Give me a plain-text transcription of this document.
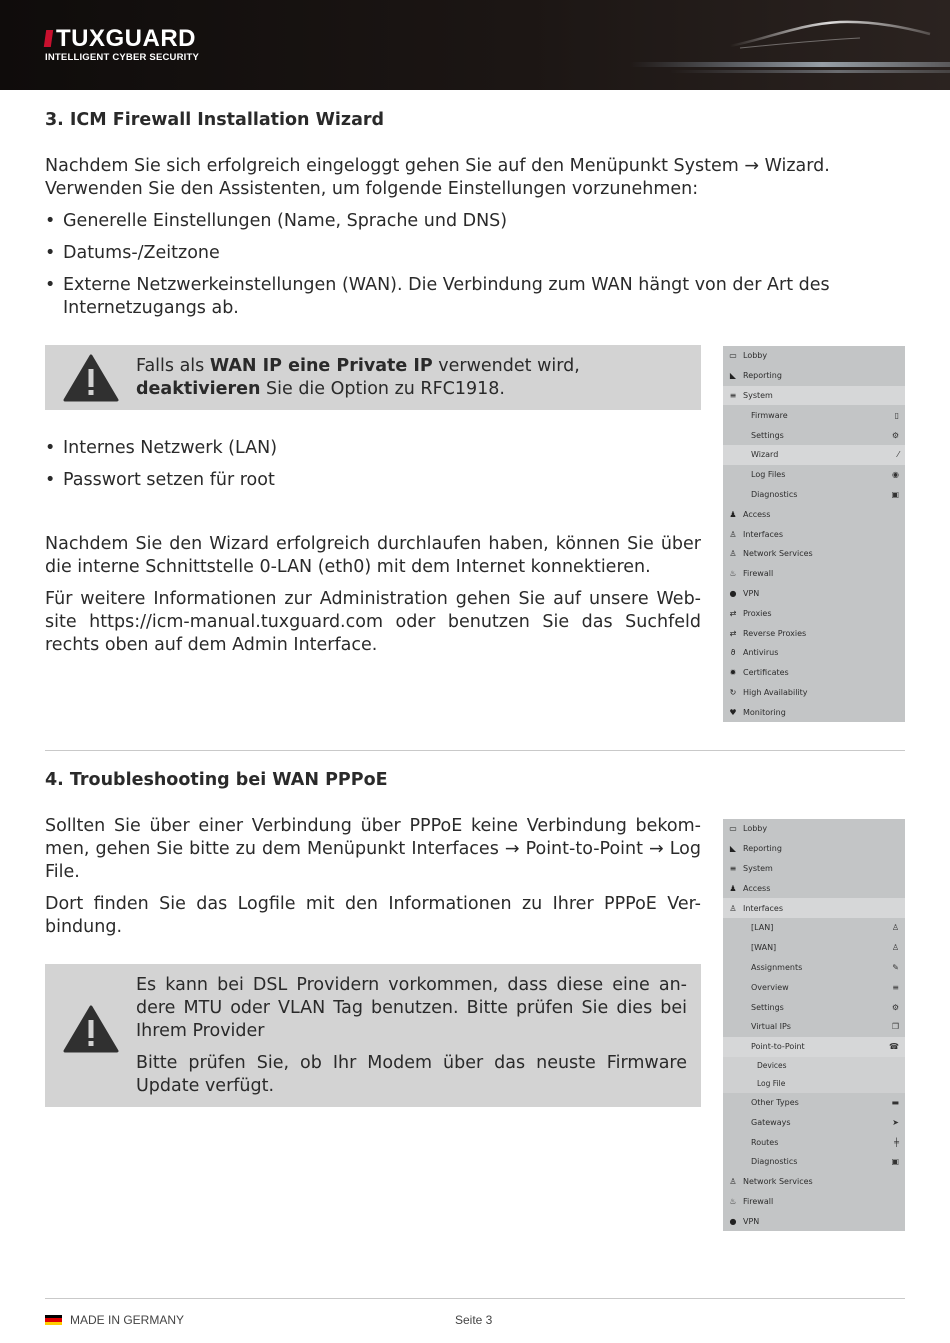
TUXGUARD
INTELLIGENT CYBER SECURITY
3. ICM Firewall Installation Wizard
Nachdem Sie sich erfolgreich eingeloggt gehen Sie auf den Menüpunkt System → Wizard.
Verwenden Sie den Assistenten, um folgende Einstellungen vorzunehmen:
• Generelle Einstellungen (Name, Sprache und DNS)
• Datums-/Zeitzone
• Externe Netzwerkeinstellungen (WAN). Die Verbindung zum WAN hängt von der Art des Internetzugangs ab.
Falls als WAN IP eine Private IP verwendet wird, deaktivieren Sie die Option zu RFC1918.
• Internes Netzwerk (LAN)
• Passwort setzen für root
Nachdem Sie den Wizard erfolgreich durchlaufen haben, können Sie über die interne Schnittstelle 0-LAN (eth0) mit dem Internet konnektieren.
Für weitere Informationen zur Administration gehen Sie auf unsere Web- site https://icm-manual.tuxguard.com oder benutzen Sie das Suchfeld rechts oben auf dem Admin Interface.
▭ Lobby
◣ Reporting
≡ System
Firmware	▯
Settings	⚙
Wizard	⁄
Log Files	◉
Diagnostics	▣
♟ Access
♙ Interfaces
♙ Network Services
♨ Firewall
● VPN
⇄ Proxies
⇄ Reverse Proxies
ϑ Antivirus
✹ Certificates
↻ High Availability
♥ Monitoring
4. Troubleshooting bei WAN PPPoE
Sollten Sie über einer Verbindung über PPPoE keine Verbindung bekom- men, gehen Sie bitte zu dem Menüpunkt Interfaces → Point-to-Point → Log File.
Dort finden Sie das Logfile mit den Informationen zu Ihrer PPPoE Ver- bindung.
Es kann bei DSL Providern vorkommen, dass diese eine an- dere MTU oder VLAN Tag benutzen. Bitte prüfen Sie dies bei Ihrem Provider
Bitte prüfen Sie, ob Ihr Modem über das neuste Firmware Update verfügt.
▭ Lobby
◣ Reporting
≡ System
♟ Access
♙ Interfaces
[LAN]	♙
[WAN]	♙
Assignments	✎
Overview	≡
Settings	⚙
Virtual IPs	❐
Point-to-Point	☎
Devices
Log File
Other Types	▬
Gateways	➤
Routes	╪
Diagnostics	▣
♙ Network Services
♨ Firewall
● VPN
MADE IN GERMANY	Seite 3
